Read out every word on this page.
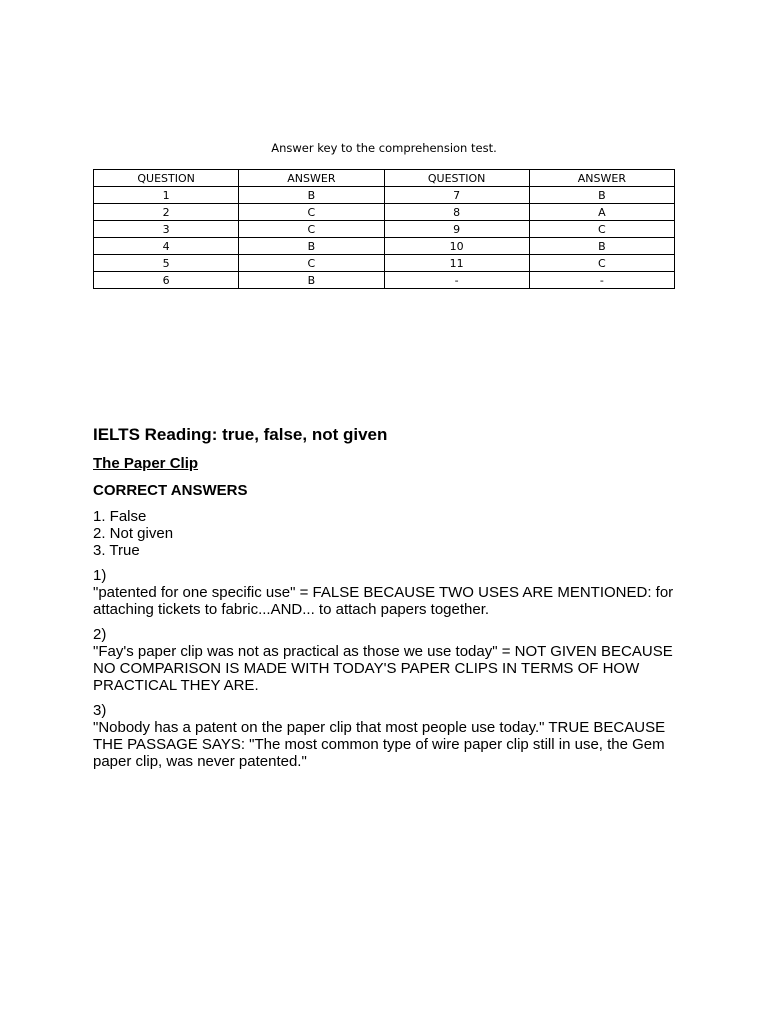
Answer key to the comprehension test.
QUESTION	ANSWER	QUESTION	ANSWER
1	B	7	B
2	C	8	A
3	C	9	C
4	B	10	B
5	C	11	C
6	B	-	-
IELTS Reading: true, false, not given
The Paper Clip
CORRECT ANSWERS
1. False
2. Not given
3. True

1)

"patented for one specific use" = FALSE BECAUSE TWO USES ARE MENTIONED: for attaching tickets to fabric...AND... to attach papers together.

2)

"Fay's paper clip was not as practical as those we use today" = NOT GIVEN BECAUSE NO COMPARISON IS MADE WITH TODAY'S PAPER CLIPS IN TERMS OF HOW PRACTICAL THEY ARE.

3)

"Nobody has a patent on the paper clip that most people use today." TRUE BECAUSE THE PASSAGE SAYS: "The most common type of wire paper clip still in use, the Gem paper clip, was never patented."
